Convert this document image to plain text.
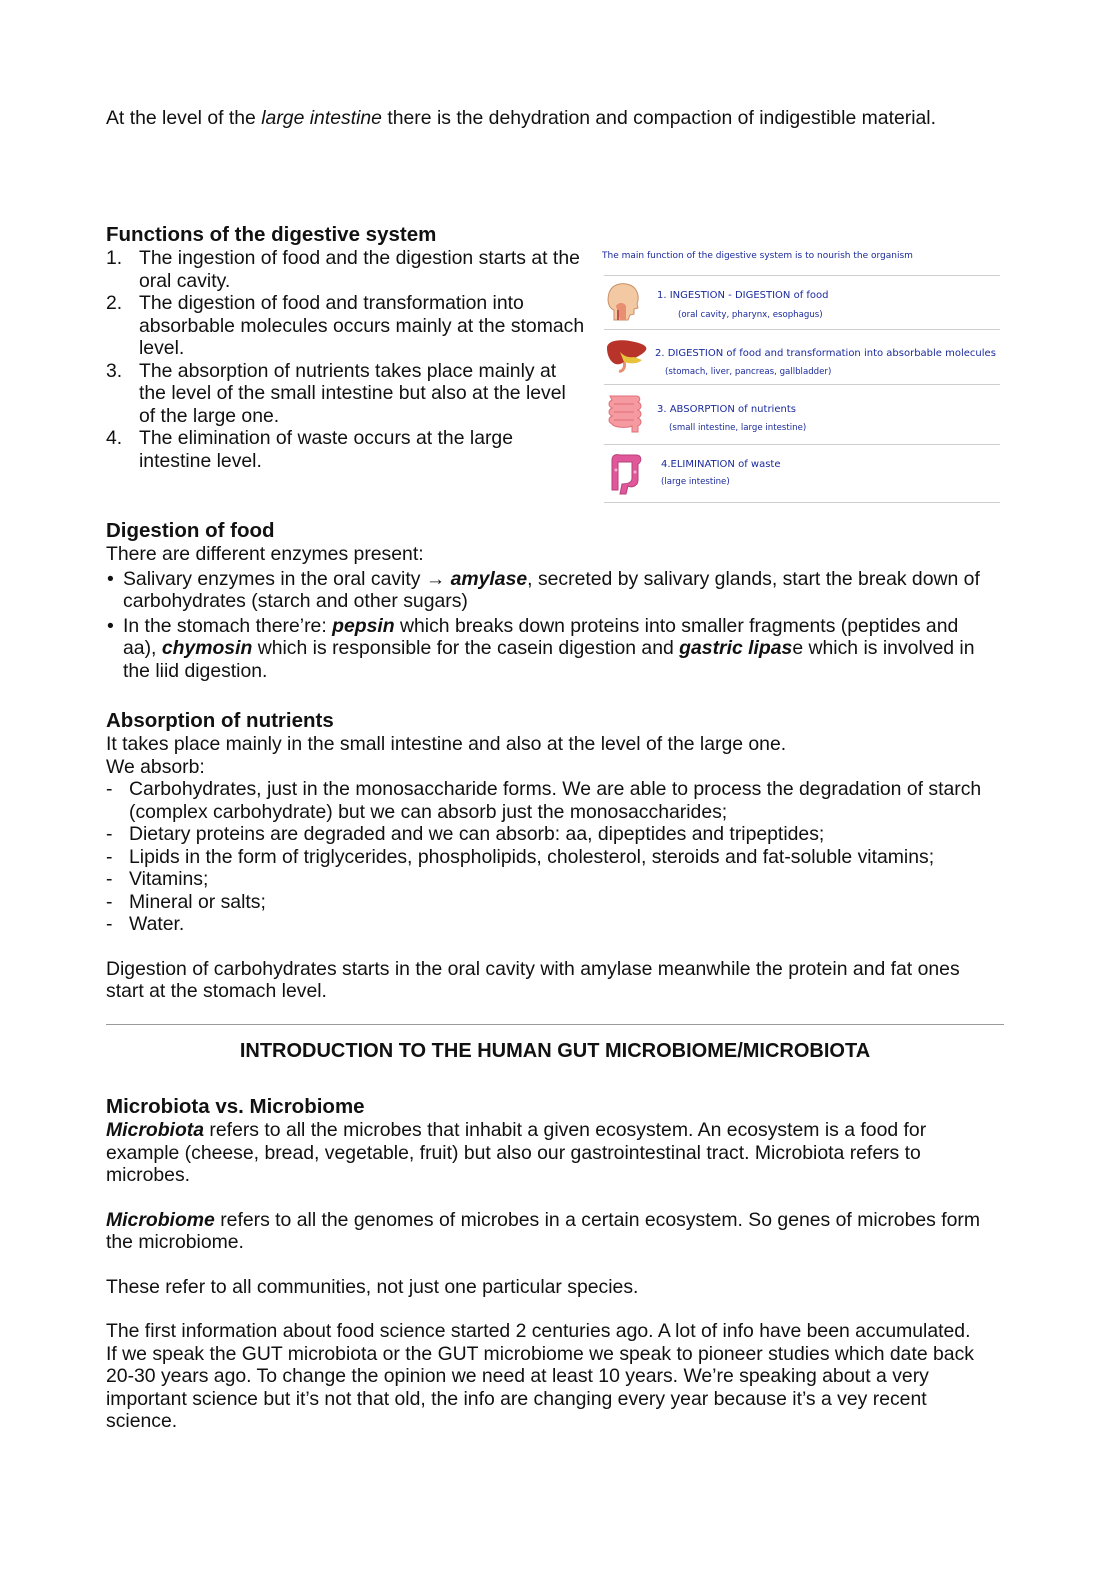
At the level of the large intestine there is the dehydration and compaction of indigestible material.

Functions of the digestive system
1. The ingestion of food and the digestion starts at the oral cavity.
2. The digestion of food and transformation into absorbable molecules occurs mainly at the stomach level.
3. The absorption of nutrients takes place mainly at the level of the small intestine but also at the level of the large one.
4. The elimination of waste occurs at the large intestine level.
The main function of the digestive system is to nourish the organism
1. INGESTION - DIGESTION of food
(oral cavity, pharynx, esophagus)
2. DIGESTION of food and transformation into absorbable molecules
(stomach, liver, pancreas, gallbladder)
3. ABSORPTION of nutrients
(small intestine, large intestine)
4.ELIMINATION of waste
(large intestine)
Digestion of food

There are different enzymes present:

• Salivary enzymes in the oral cavity → amylase, secreted by salivary glands, start the break down of carbohydrates (starch and other sugars)
• In the stomach there’re: pepsin which breaks down proteins into smaller fragments (peptides and aa), chymosin which is responsible for the casein digestion and gastric lipase which is involved in the liid digestion.
Absorption of nutrients

It takes place mainly in the small intestine and also at the level of the large one.

We absorb:

- Carbohydrates, just in the monosaccharide forms. We are able to process the degradation of starch (complex carbohydrate) but we can absorb just the monosaccharides;
- Dietary proteins are degraded and we can absorb: aa, dipeptides and tripeptides;
- Lipids in the form of triglycerides, phospholipids, cholesterol, steroids and fat-soluble vitamins;
- Vitamins;
- Mineral or salts;
- Water.

Digestion of carbohydrates starts in the oral cavity with amylase meanwhile the protein and fat ones start at the stomach level.

INTRODUCTION TO THE HUMAN GUT MICROBIOME/MICROBIOTA
Microbiota vs. Microbiome

Microbiota refers to all the microbes that inhabit a given ecosystem. An ecosystem is a food for example (cheese, bread, vegetable, fruit) but also our gastrointestinal tract. Microbiota refers to microbes.

Microbiome refers to all the genomes of microbes in a certain ecosystem. So genes of microbes form the microbiome.

These refer to all communities, not just one particular species.

The first information about food science started 2 centuries ago. A lot of info have been accumulated. If we speak the GUT microbiota or the GUT microbiome we speak to pioneer studies which date back 20-30 years ago. To change the opinion we need at least 10 years. We’re speaking about a very important science but it’s not that old, the info are changing every year because it’s a vey recent science.
